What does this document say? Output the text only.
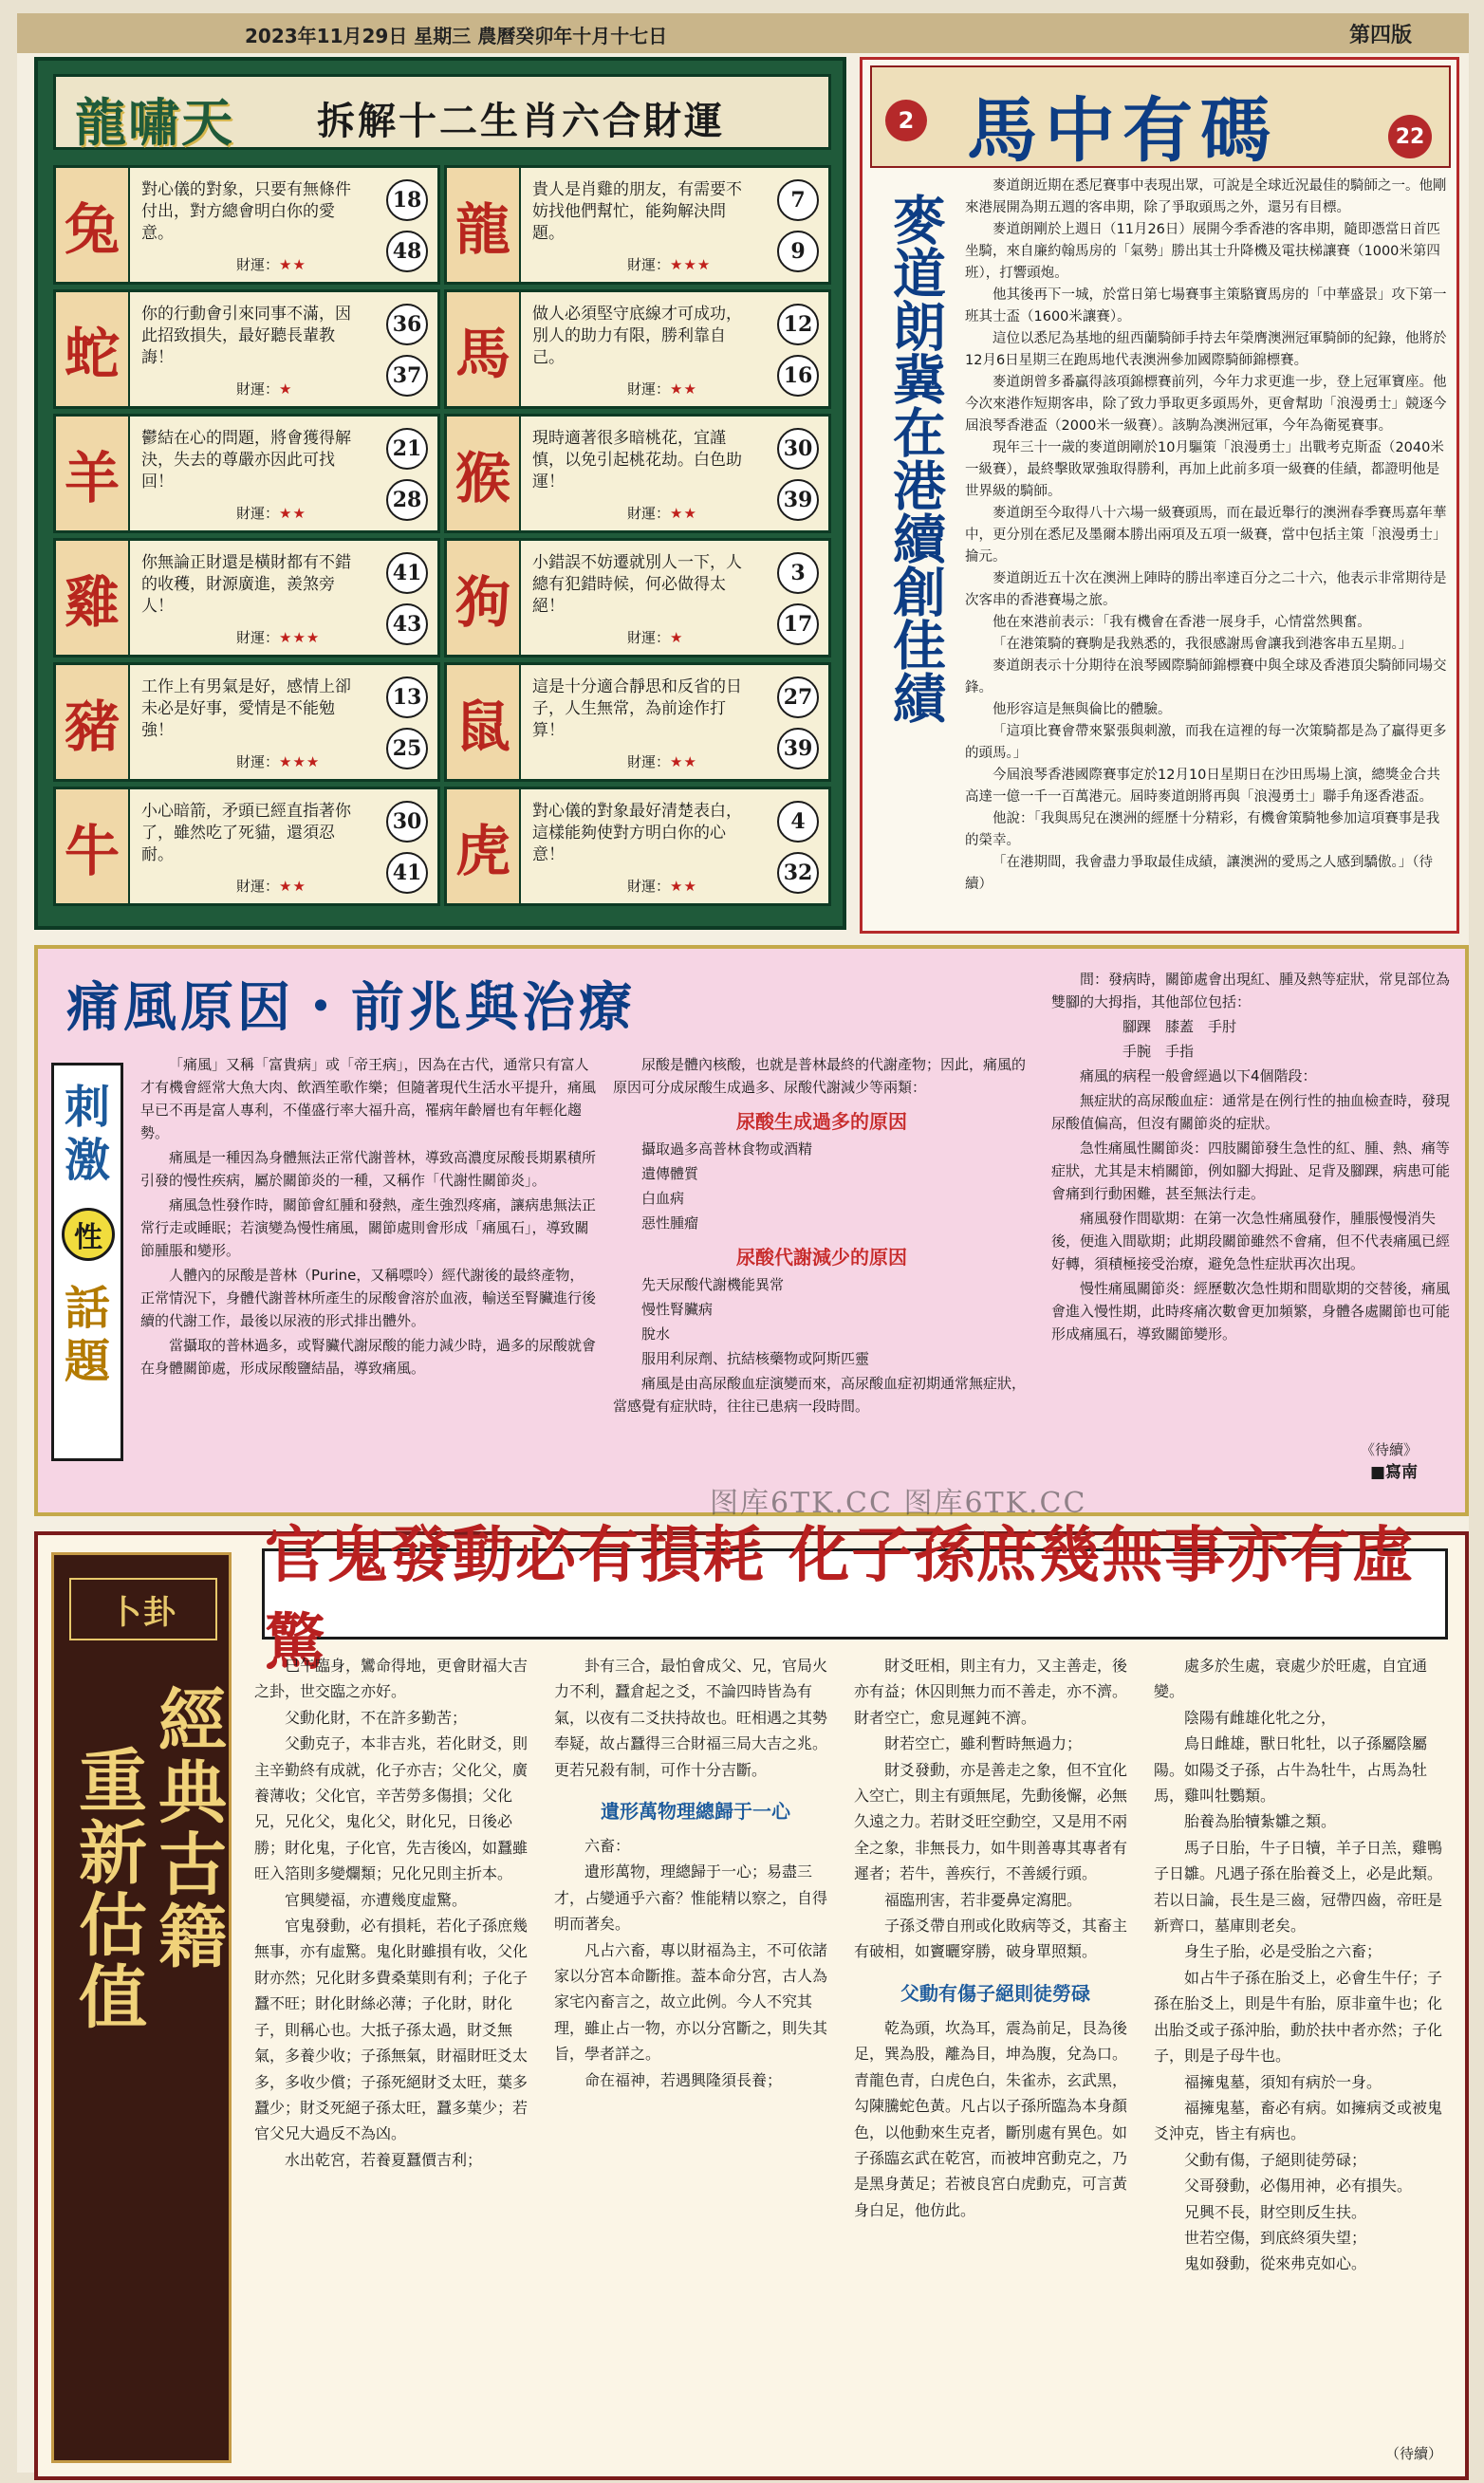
2023年11月29日 星期三 農曆癸卯年十月十七日	第四版
龍嘯天 拆解十二生肖六合財運
兔
對心儀的對象，只要有無條件付出，對方總會明白你的愛意。
財運：★★
18
48 龍
貴人是肖雞的朋友，有需要不妨找他們幫忙，能夠解決問題。
財運：★★★
7
9
蛇
你的行動會引來同事不滿，因此招致損失，最好聽長輩教誨！
財運：★
36
37 馬
做人必須堅守底線才可成功，別人的助力有限，勝利靠自己。
財運：★★
12
16
羊
鬱結在心的問題，將會獲得解決，失去的尊嚴亦因此可找回！
財運：★★
21
28 猴
現時適著很多暗桃花，宜謹慎，以免引起桃花劫。白色助運！
財運：★★
30
39
雞
你無論正財還是橫財都有不錯的收穫，財源廣進，羨煞旁人！
財運：★★★
41
43 狗
小錯誤不妨遷就別人一下，人總有犯錯時候，何必做得太絕！
財運：★
3
17
豬
工作上有男氣是好，感情上卻未必是好事，愛情是不能勉強！
財運：★★★
13
25 鼠
這是十分適合靜思和反省的日子，人生無常，為前途作打算！
財運：★★
27
39
牛
小心暗箭，矛頭已經直指著你了，雖然吃了死貓，還須忍耐。
財運：★★
30
41 虎
對心儀的對象最好清楚表白，這樣能夠使對方明白你的心意！
財運：★★
4
32
2 馬中有碼	22
麥道朗冀在港續創佳績

麥道朗近期在悉尼賽事中表現出眾，可說是全球近況最佳的騎師之一。他剛來港展開為期五週的客串期，除了爭取頭馬之外，還另有目標。

麥道朗剛於上週日（11月26日）展開今季香港的客串期，隨即憑當日首匹坐騎，來自廉約翰馬房的「氣勢」勝出其士升降機及電扶梯讓賽（1000米第四班），打響頭炮。

他其後再下一城，於當日第七場賽事主策駱寶馬房的「中華盛景」攻下第一班其士盃（1600米讓賽）。

這位以悉尼為基地的紐西蘭騎師手持去年榮膺澳洲冠軍騎師的紀錄，他將於12月6日星期三在跑馬地代表澳洲參加國際騎師錦標賽。

麥道朗曾多番贏得該項錦標賽前列，今年力求更進一步，登上冠軍寶座。他今次來港作短期客串，除了致力爭取更多頭馬外，更會幫助「浪漫勇士」競逐今屆浪琴香港盃（2000米一級賽）。該駒為澳洲冠軍，今年為衛冕賽事。

現年三十一歲的麥道朗剛於10月驅策「浪漫勇士」出戰考克斯盃（2040米一級賽），最終擊敗眾強取得勝利，再加上此前多項一級賽的佳績，都證明他是世界級的騎師。

麥道朗至今取得八十六場一級賽頭馬，而在最近舉行的澳洲春季賽馬嘉年華中，更分別在悉尼及墨爾本勝出兩項及五項一級賽，當中包括主策「浪漫勇士」掄元。

麥道朗近五十次在澳洲上陣時的勝出率達百分之二十六，他表示非常期待是次客串的香港賽場之旅。

他在來港前表示：「我有機會在香港一展身手，心情當然興奮。

「在港策騎的賽駒是我熟悉的，我很感謝馬會讓我到港客串五星期。」

麥道朗表示十分期待在浪琴國際騎師錦標賽中與全球及香港頂尖騎師同場交鋒。

他形容這是無與倫比的體驗。

「這項比賽會帶來緊張與刺激，而我在這裡的每一次策騎都是為了贏得更多的頭馬。」

今屆浪琴香港國際賽事定於12月10日星期日在沙田馬場上演，總獎金合共高達一億一千一百萬港元。屆時麥道朗將再與「浪漫勇士」聯手角逐香港盃。

他說：「我與馬兒在澳洲的經歷十分精彩，有機會策騎牠參加這項賽事是我的榮幸。

「在港期間，我會盡力爭取最佳成績，讓澳洲的愛馬之人感到驕傲。」（待續）

痛風原因・前兆與治療
刺激
性
話題

「痛風」又稱「富貴病」或「帝王病」，因為在古代，通常只有富人才有機會經常大魚大肉、飲酒笙歌作樂；但隨著現代生活水平提升，痛風早已不再是富人專利，不僅盛行率大福升高，罹病年齡層也有年輕化趨勢。

痛風是一種因為身體無法正常代謝普林，導致高濃度尿酸長期累積所引發的慢性疾病，屬於關節炎的一種，又稱作「代謝性關節炎」。

痛風急性發作時，關節會紅腫和發熱，產生強烈疼痛，讓病患無法正常行走或睡眠；若演變為慢性痛風，關節處則會形成「痛風石」，導致關節腫脹和變形。

人體內的尿酸是普林（Purine，又稱嘌呤）經代謝後的最終產物，正常情況下，身體代謝普林所產生的尿酸會溶於血液，輸送至腎臟進行後續的代謝工作，最後以尿液的形式排出體外。

當攝取的普林過多，或腎臟代謝尿酸的能力減少時，過多的尿酸就會在身體關節處，形成尿酸鹽結晶，導致痛風。

尿酸是體內核酸，也就是普林最終的代謝產物；因此，痛風的原因可分成尿酸生成過多、尿酸代謝減少等兩類：

尿酸生成過多的原因

攝取過多高普林食物或酒精

遺傳體質

白血病

惡性腫瘤

尿酸代謝減少的原因

先天尿酸代謝機能異常

慢性腎臟病

脫水

服用利尿劑、抗結核藥物或阿斯匹靈

痛風是由高尿酸血症演變而來，高尿酸血症初期通常無症狀，當感覺有症狀時，往往已患病一段時間。

間：發病時，關節處會出現紅、腫及熱等症狀，常見部位為雙腳的大拇指，其他部位包括：

腳踝　膝蓋　手肘

手腕　手指

痛風的病程一般會經過以下4個階段：

無症狀的高尿酸血症：通常是在例行性的抽血檢查時，發現尿酸值偏高，但沒有關節炎的症狀。

急性痛風性關節炎：四肢關節發生急性的紅、腫、熱、痛等症狀，尤其是末梢關節，例如腳大拇趾、足背及腳踝，病患可能會痛到行動困難，甚至無法行走。

痛風發作間歇期：在第一次急性痛風發作，腫脹慢慢消失後，便進入間歇期；此期段關節雖然不會痛，但不代表痛風已經好轉，須積極接受治療，避免急性症狀再次出現。

慢性痛風關節炎：經歷數次急性期和間歇期的交替後，痛風會進入慢性期，此時疼痛次數會更加頻繁，身體各處關節也可能形成痛風石，導致關節變形。

《待續》
■寫南
图库6TK.CC 图库6TK.CC
卜卦
經典古籍
重新估值
官鬼發動必有損耗 化子孫庶幾無事亦有虛驚

巳午臨身，鸞命得地，更會財福大吉之卦，世交臨之亦好。

父動化財，不在許多勤苦；

父動克子，本非吉兆，若化財爻，則主辛勤終有成就，化子亦吉；父化父，廣養薄收；父化官，辛苦勞多傷損；父化兄，兄化父，鬼化父，財化兄，日後必勝；財化鬼，子化官，先吉後凶，如蠶雖旺入箔則多變爛類；兄化兄則主折本。

官興變福，亦遭幾度虛驚。

官鬼發動，必有損耗，若化子孫庶幾無事，亦有虛驚。鬼化財雖損有收，父化財亦然；兄化財多費桑葉則有利；子化子蠶不旺；財化財絲必薄；子化財，財化子，則稱心也。大抵子孫太過，財爻無氣，多養少收；子孫無氣，財福財旺爻太多，多收少償；子孫死絕財爻太旺，葉多蠶少；財爻死絕子孫太旺，蠶多葉少；若官父兄大過反不為凶。

水出乾宮，若養夏蠶價吉利；

卦有三合，最怕會成父、兄，官局火力不利，蠶倉起之爻，不論四時皆為有氣，以夜有二爻扶持故也。旺相遇之其勢奉疑，故占蠶得三合財福三局大吉之兆。更若兄殺有制，可作十分吉斷。

遺形萬物理總歸于一心

六畜：

遺形萬物，理總歸于一心；易盡三才，占變通乎六畜？惟能精以察之，自得明而著矣。

凡占六畜，專以財福為主，不可依諸家以分宮本命斷推。葢本命分宮，古人為家宅內畜言之，故立此例。今人不究其理，雖止占一物，亦以分宮斷之，則失其旨，學者詳之。

命在福神，若遇興隆須長養；

財爻旺相，則主有力，又主善走，後亦有益；休囚則無力而不善走，亦不濟。財者空亡，愈見遲鈍不濟。

財若空亡，雖利暫時無過力；

財爻發動，亦是善走之象，但不宜化入空亡，則主有頭無尾，先動後懈，必無久遠之力。若財爻旺空動空，又是用不兩全之象，非無長力，如牛則善專其專者有遲者；若牛，善疾行，不善緩行頭。

福臨刑害，若非憂鼻定瀉肥。

子孫爻帶自刑或化敗病等爻，其畜主有破相，如竇曬穿勝，破身單照類。

父動有傷子絕則徒勞碌

乾為頭，坎為耳，震為前足，艮為後足，巽為股，離為目，坤為腹，兌為口。青龍色青，白虎色白，朱雀赤，玄武黑，勾陳騰蛇色黃。凡占以子孫所臨為本身顏色，以他動來生克者，斷別處有異色。如子孫臨玄武在乾宮，而被坤宮動克之，乃是黑身黃足；若被良宮白虎動克，可言黃身白足，他仿此。

處多於生處，衰處少於旺處，自宜通變。

陰陽有雌雄化牝之分，

鳥日雌雄，獸日牝牡，以子孫屬陰屬陽。如陽爻子孫，占牛為牡牛，占馬為牡馬，雞叫牡鸚類。

胎養為胎犢紮雛之類。

馬子日胎，牛子日犢，羊子日羔，雞鴨子日雛。凡遇子孫在胎養爻上，必是此類。若以日論，長生是三齒，冠帶四齒，帝旺是新齊口，墓庫則老矣。

身生子胎，必是受胎之六畜；

如占牛子孫在胎爻上，必會生牛仔；子孫在胎爻上，則是牛有胎，原非童牛也；化出胎爻或子孫沖胎，動於扶中者亦然；子化子，則是子母牛也。

福擁鬼墓，須知有病於一身。

福擁鬼墓，畜必有病。如擁病爻或被鬼爻沖克，皆主有病也。

父動有傷，子絕則徒勞碌；

父哥發動，必傷用神，必有損失。

兄興不長，財空則反生扶。

世若空傷，到底終須失望；

鬼如發動，從來弗克如心。

（待續）
